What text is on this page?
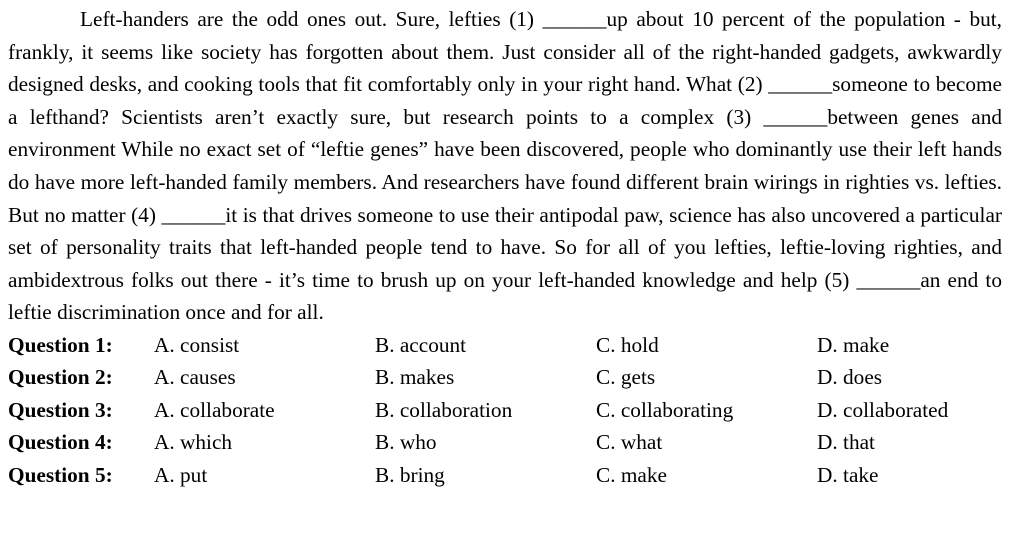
Left-handers are the odd ones out. Sure, lefties (1) ______up about 10 percent of the population - but, frankly, it seems like society has forgotten about them. Just consider all of the right-handed gadgets, awkwardly designed desks, and cooking tools that fit comfortably only in your right hand. What (2) ______someone to become a lefthand? Scientists aren’t exactly sure, but research points to a complex (3) ______between genes and environment While no exact set of “leftie genes” have been discovered, people who dominantly use their left hands do have more left-handed family members. And researchers have found different brain wirings in righties vs. lefties. But no matter (4) ______it is that drives someone to use their antipodal paw, science has also uncovered a particular set of personality traits that left-handed people tend to have. So for all of you lefties, leftie-loving righties, and ambidextrous folks out there - it’s time to brush up on your left-handed knowledge and help (5) ______an end to leftie discrimination once and for all.

Question 1:	A. consist	B. account	C. hold	D. make
Question 2:	A. causes	B. makes	C. gets	D. does
Question 3:	A. collaborate	B. collaboration	C. collaborating	D. collaborated
Question 4:	A. which	B. who	C. what	D. that
Question 5:	A. put	B. bring	C. make	D. take
